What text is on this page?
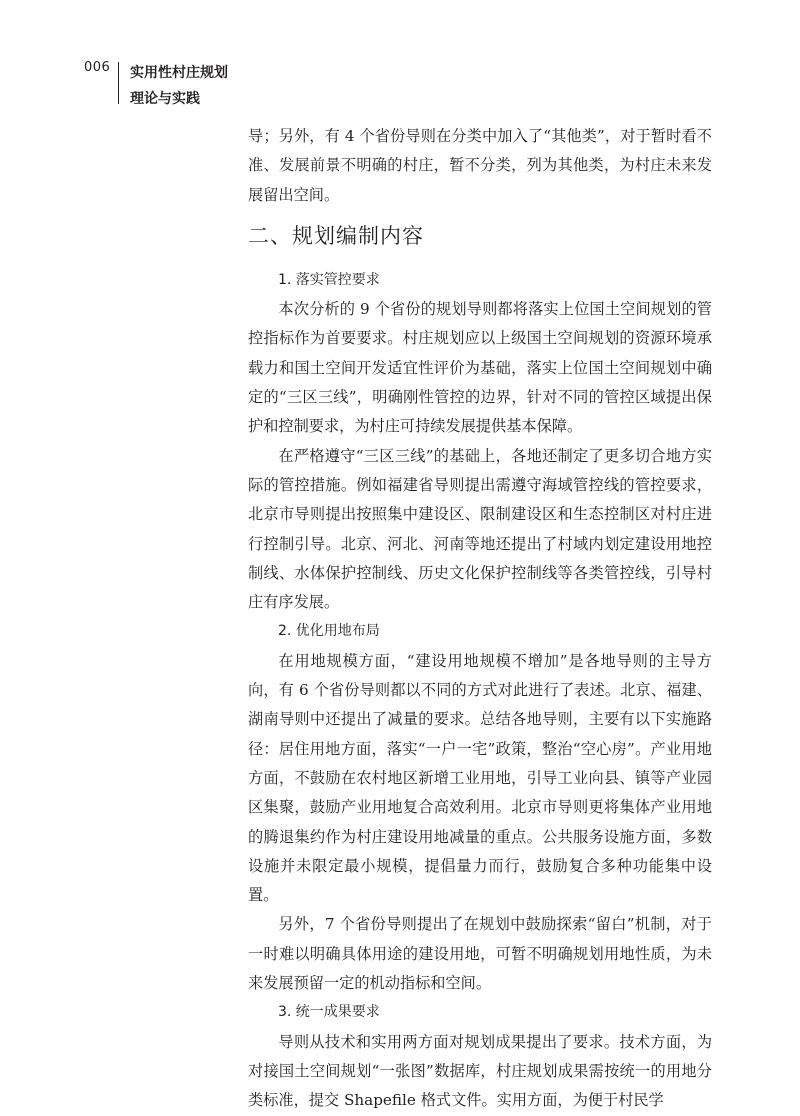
006 实用性村庄规划
理论与实践

导；另外，有 4 个省份导则在分类中加入了“其他类”，对于暂时看不准、发展前景不明确的村庄，暂不分类，列为其他类，为村庄未来发展留出空间。

二、规划编制内容

1. 落实管控要求

本次分析的 9 个省份的规划导则都将落实上位国土空间规划的管控指标作为首要要求。村庄规划应以上级国土空间规划的资源环境承载力和国土空间开发适宜性评价为基础，落实上位国土空间规划中确定的“三区三线”，明确刚性管控的边界，针对不同的管控区域提出保护和控制要求，为村庄可持续发展提供基本保障。

在严格遵守“三区三线”的基础上，各地还制定了更多切合地方实际的管控措施。例如福建省导则提出需遵守海域管控线的管控要求，北京市导则提出按照集中建设区、限制建设区和生态控制区对村庄进行控制引导。北京、河北、河南等地还提出了村域内划定建设用地控制线、水体保护控制线、历史文化保护控制线等各类管控线，引导村庄有序发展。

2. 优化用地布局

在用地规模方面，“建设用地规模不增加”是各地导则的主导方向，有 6 个省份导则都以不同的方式对此进行了表述。北京、福建、湖南导则中还提出了减量的要求。总结各地导则，主要有以下实施路径：居住用地方面，落实“一户一宅”政策，整治“空心房”。产业用地方面，不鼓励在农村地区新增工业用地，引导工业向县、镇等产业园区集聚，鼓励产业用地复合高效利用。北京市导则更将集体产业用地的腾退集约作为村庄建设用地减量的重点。公共服务设施方面，多数设施并未限定最小规模，提倡量力而行，鼓励复合多种功能集中设置。

另外，7 个省份导则提出了在规划中鼓励探索“留白”机制，对于一时难以明确具体用途的建设用地，可暂不明确规划用地性质，为未来发展预留一定的机动指标和空间。

3. 统一成果要求

导则从技术和实用两方面对规划成果提出了要求。技术方面，为对接国土空间规划“一张图”数据库，村庄规划成果需按统一的用地分类标准，提交 Shapefile 格式文件。实用方面，为便于村民学
